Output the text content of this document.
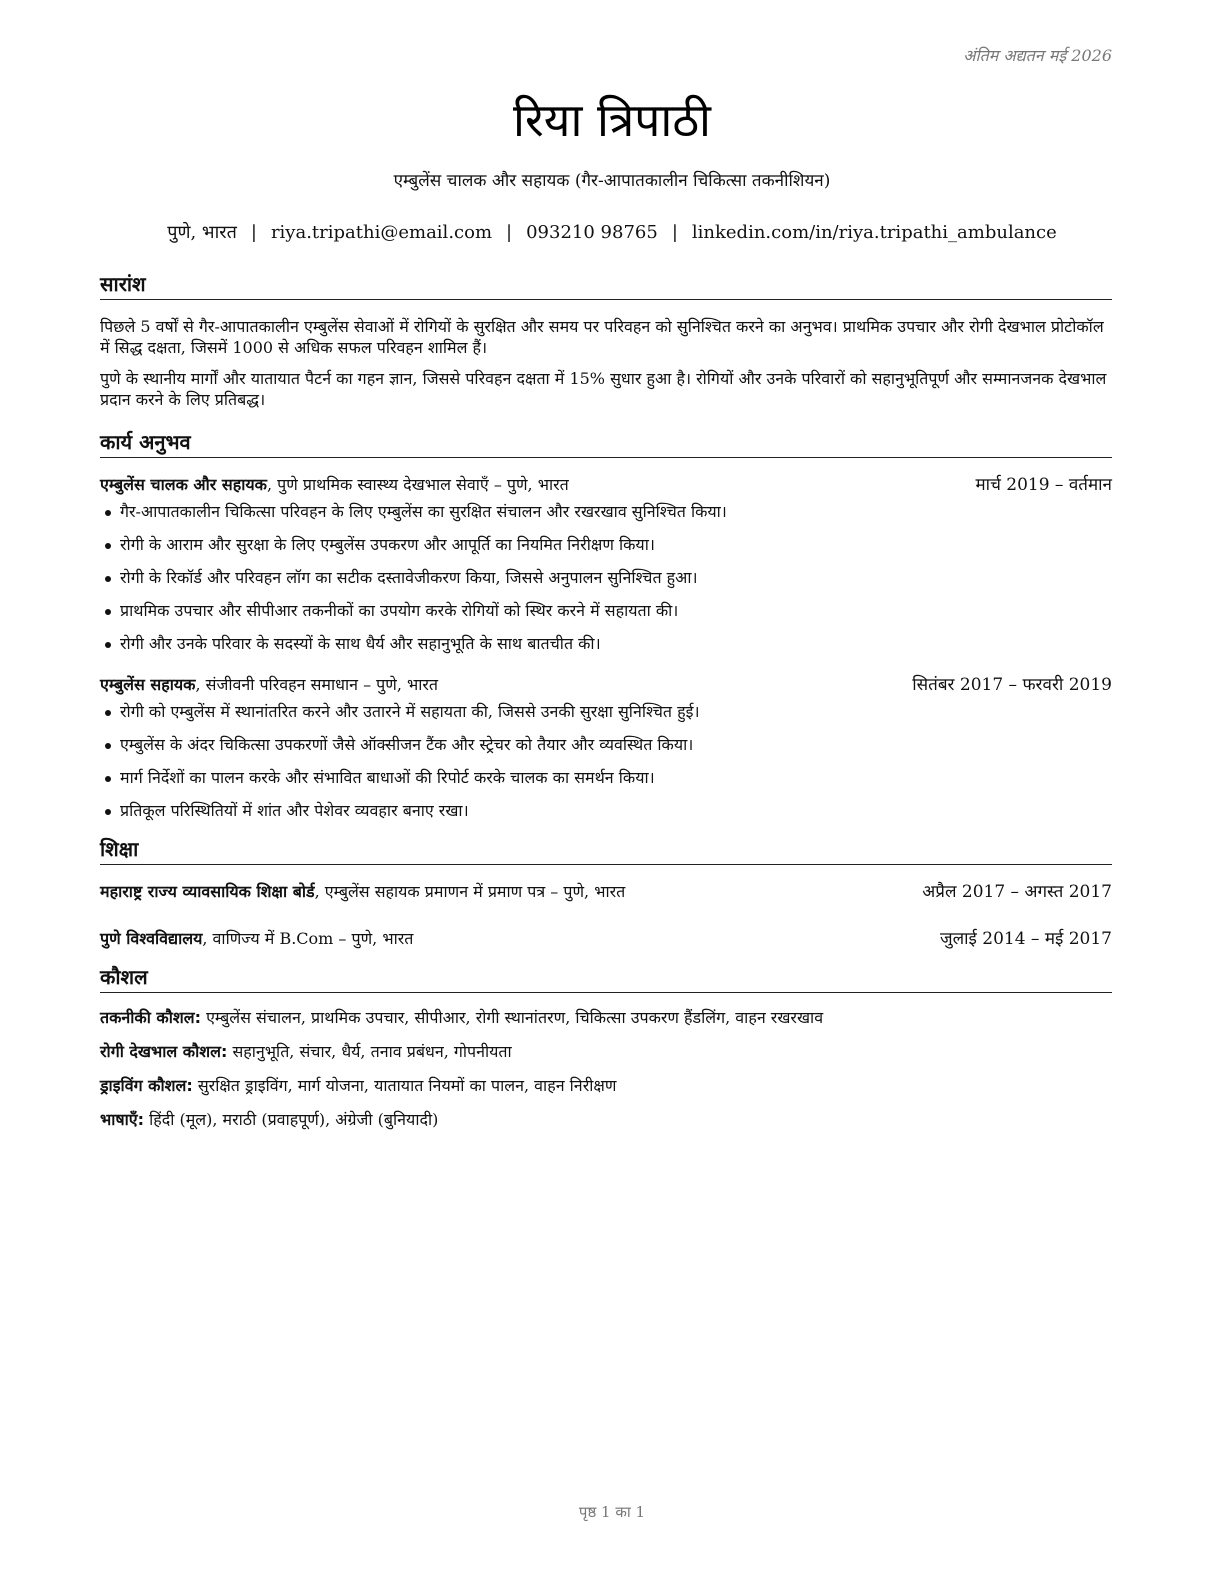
अंतिम अद्यतन मई 2026
रिया त्रिपाठी
एम्बुलेंस चालक और सहायक (गैर-आपातकालीन चिकित्सा तकनीशियन)
पुणे, भारत | riya.tripathi@email.com | 093210 98765 | linkedin.com/in/riya.tripathi_ambulance
सारांश

पिछले 5 वर्षों से गैर-आपातकालीन एम्बुलेंस सेवाओं में रोगियों के सुरक्षित और समय पर परिवहन को सुनिश्चित करने का अनुभव। प्राथमिक उपचार और रोगी देखभाल प्रोटोकॉल में सिद्ध दक्षता, जिसमें 1000 से अधिक सफल परिवहन शामिल हैं।

पुणे के स्थानीय मार्गों और यातायात पैटर्न का गहन ज्ञान, जिससे परिवहन दक्षता में 15% सुधार हुआ है। रोगियों और उनके परिवारों को सहानुभूतिपूर्ण और सम्मानजनक देखभाल प्रदान करने के लिए प्रतिबद्ध।

कार्य अनुभव
एम्बुलेंस चालक और सहायक, पुणे प्राथमिक स्वास्थ्य देखभाल सेवाएँ – पुणे, भारत	मार्च 2019 – वर्तमान
गैर-आपातकालीन चिकित्सा परिवहन के लिए एम्बुलेंस का सुरक्षित संचालन और रखरखाव सुनिश्चित किया।
रोगी के आराम और सुरक्षा के लिए एम्बुलेंस उपकरण और आपूर्ति का नियमित निरीक्षण किया।
रोगी के रिकॉर्ड और परिवहन लॉग का सटीक दस्तावेजीकरण किया, जिससे अनुपालन सुनिश्चित हुआ।
प्राथमिक उपचार और सीपीआर तकनीकों का उपयोग करके रोगियों को स्थिर करने में सहायता की।
रोगी और उनके परिवार के सदस्यों के साथ धैर्य और सहानुभूति के साथ बातचीत की।
एम्बुलेंस सहायक, संजीवनी परिवहन समाधान – पुणे, भारत	सितंबर 2017 – फरवरी 2019
रोगी को एम्बुलेंस में स्थानांतरित करने और उतारने में सहायता की, जिससे उनकी सुरक्षा सुनिश्चित हुई।
एम्बुलेंस के अंदर चिकित्सा उपकरणों जैसे ऑक्सीजन टैंक और स्ट्रेचर को तैयार और व्यवस्थित किया।
मार्ग निर्देशों का पालन करके और संभावित बाधाओं की रिपोर्ट करके चालक का समर्थन किया।
प्रतिकूल परिस्थितियों में शांत और पेशेवर व्यवहार बनाए रखा।
शिक्षा
महाराष्ट्र राज्य व्यावसायिक शिक्षा बोर्ड, एम्बुलेंस सहायक प्रमाणन में प्रमाण पत्र – पुणे, भारत	अप्रैल 2017 – अगस्त 2017
पुणे विश्वविद्यालय, वाणिज्य में B.Com – पुणे, भारत	जुलाई 2014 – मई 2017
कौशल
तकनीकी कौशल: एम्बुलेंस संचालन, प्राथमिक उपचार, सीपीआर, रोगी स्थानांतरण, चिकित्सा उपकरण हैंडलिंग, वाहन रखरखाव
रोगी देखभाल कौशल: सहानुभूति, संचार, धैर्य, तनाव प्रबंधन, गोपनीयता
ड्राइविंग कौशल: सुरक्षित ड्राइविंग, मार्ग योजना, यातायात नियमों का पालन, वाहन निरीक्षण
भाषाएँ: हिंदी (मूल), मराठी (प्रवाहपूर्ण), अंग्रेजी (बुनियादी)
पृष्ठ 1 का 1
